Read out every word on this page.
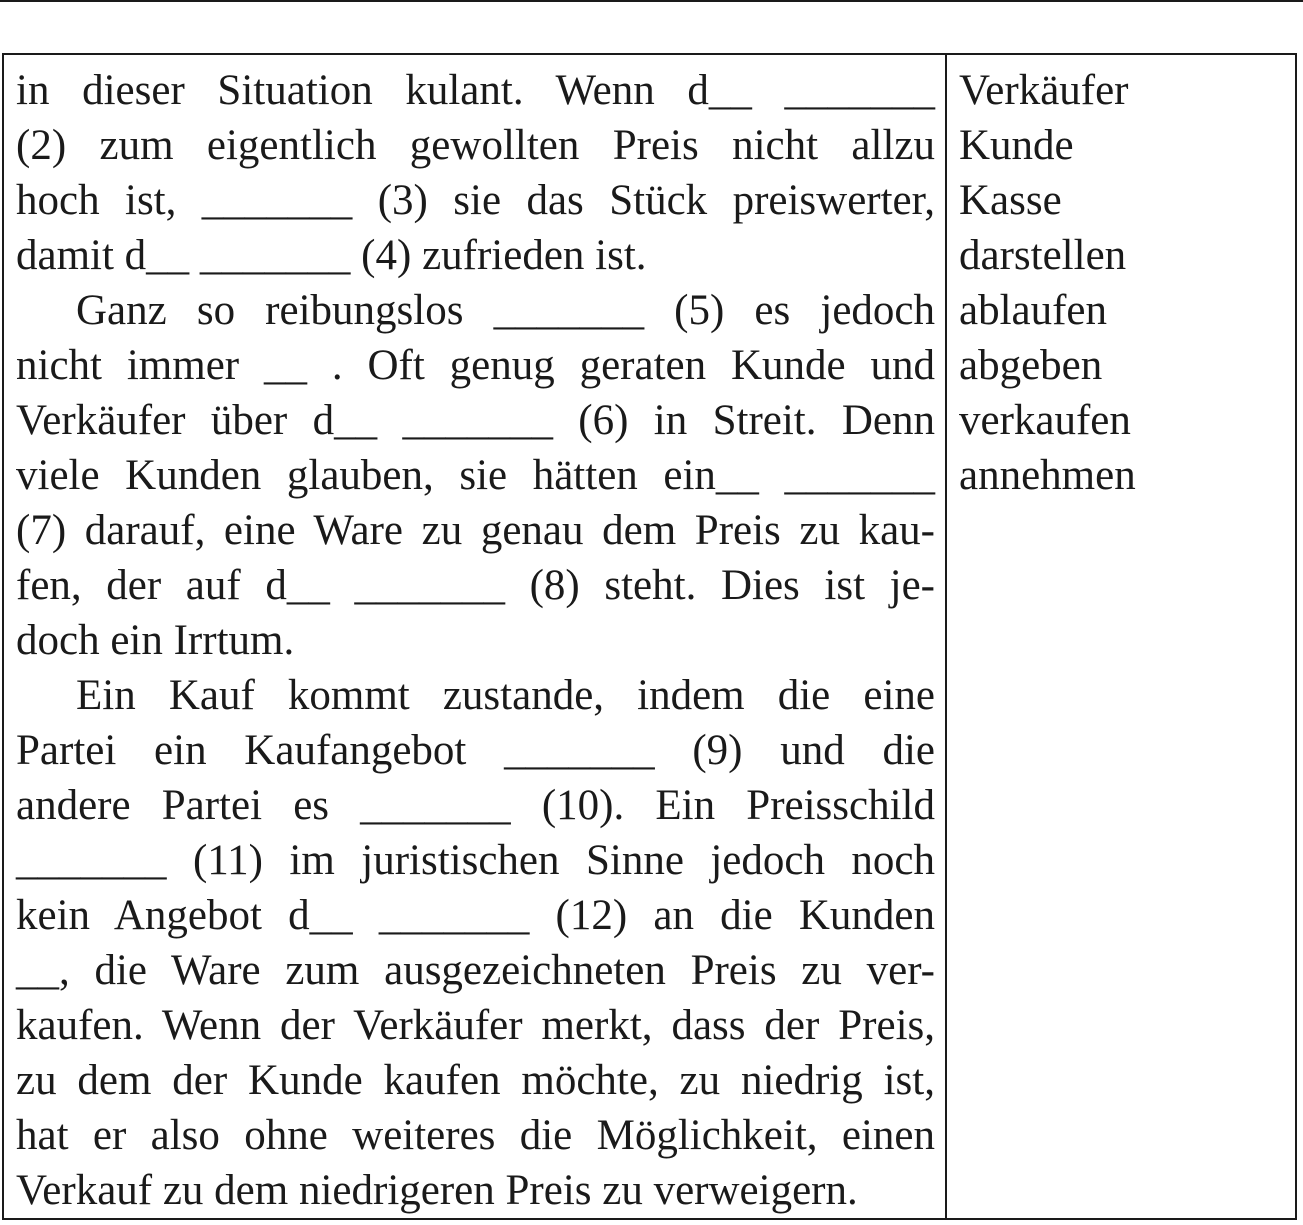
in dieser Situation kulant. Wenn d__ _______
(2) zum eigentlich gewollten Preis nicht allzu
hoch ist, _______ (3) sie das Stück preiswerter,
damit d__ _______ (4) zufrieden ist.
Ganz so reibungslos _______ (5) es jedoch
nicht immer __ . Oft genug geraten Kunde und
Verkäufer über d__ _______ (6) in Streit. Denn
viele Kunden glauben, sie hätten ein__ _______
(7) darauf, eine Ware zu genau dem Preis zu kau-
fen, der auf d__ _______ (8) steht. Dies ist je-
doch ein Irrtum.
Ein Kauf kommt zustande, indem die eine
Partei ein Kaufangebot _______ (9) und die
andere Partei es _______ (10). Ein Preisschild
_______ (11) im juristischen Sinne jedoch noch
kein Angebot d__ _______ (12) an die Kunden
__, die Ware zum ausgezeichneten Preis zu ver-
kaufen. Wenn der Verkäufer merkt, dass der Preis,
zu dem der Kunde kaufen möchte, zu niedrig ist,
hat er also ohne weiteres die Möglichkeit, einen
Verkauf zu dem niedrigeren Preis zu verweigern.
Verkäufer
Kunde
Kasse
darstellen
ablaufen
abgeben
verkaufen
annehmen
